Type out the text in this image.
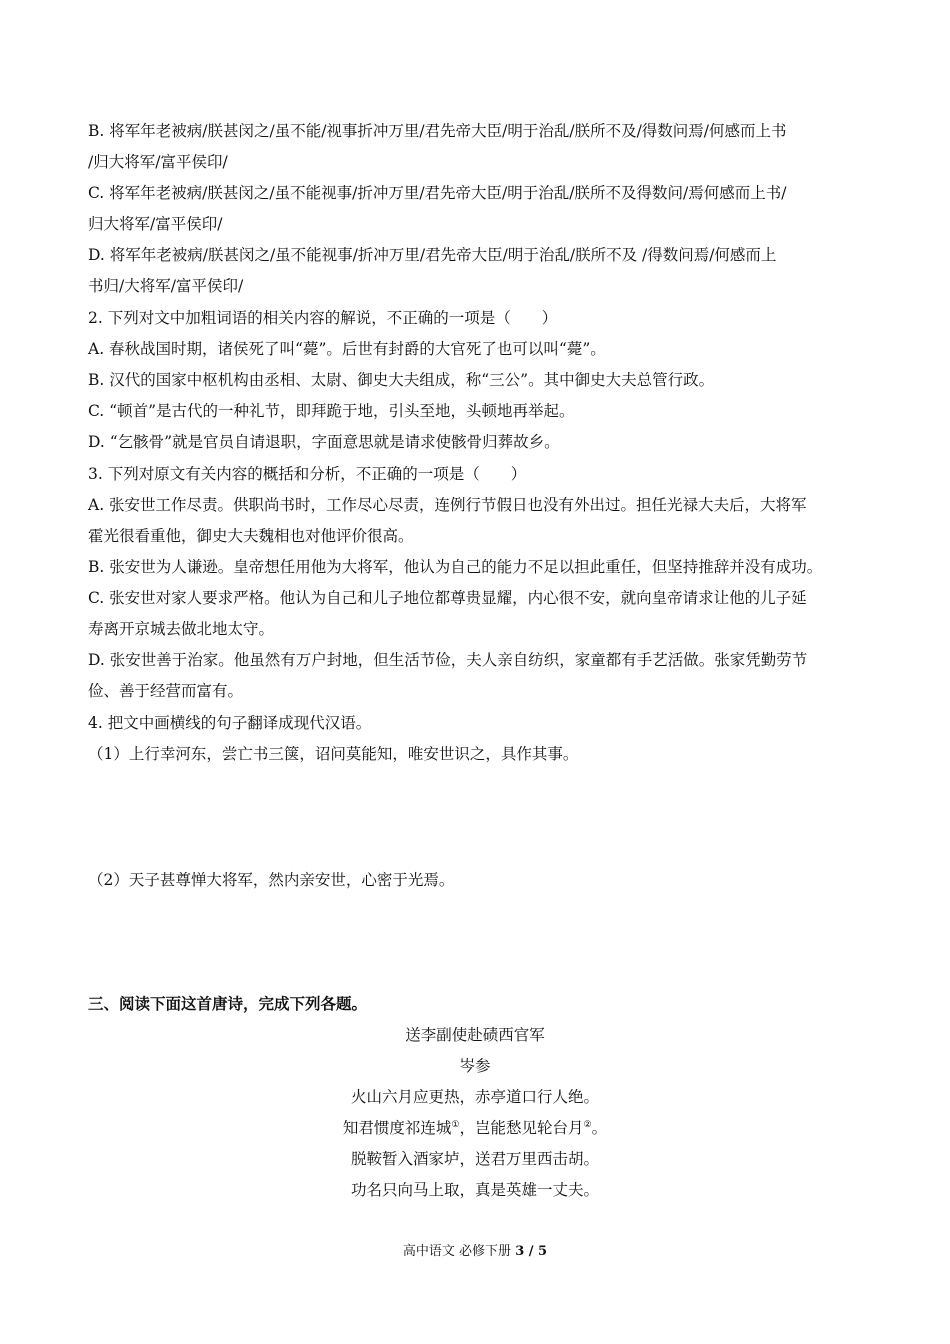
B. 将军年老被病/朕甚闵之/虽不能/视事折冲万里/君先帝大臣/明于治乱/朕所不及/得数问焉/何感而上书
/归大将军/富平侯印/
C. 将军年老被病/朕甚闵之/虽不能视事/折冲万里/君先帝大臣/明于治乱/朕所不及得数问/焉何感而上书/
归大将军/富平侯印/
D. 将军年老被病/朕甚闵之/虽不能视事/折冲万里/君先帝大臣/明于治乱/朕所不及 /得数问焉/何感而上
书归/大将军/富平侯印/
2. 下列对文中加粗词语的相关内容的解说，不正确的一项是（　　）
A. 春秋战国时期，诸侯死了叫“薨”。后世有封爵的大官死了也可以叫“薨”。
B. 汉代的国家中枢机构由丞相、太尉、御史大夫组成，称“三公”。其中御史大夫总管行政。
C. “顿首”是古代的一种礼节，即拜跪于地，引头至地，头顿地再举起。
D. “乞骸骨”就是官员自请退职，字面意思就是请求使骸骨归葬故乡。
3. 下列对原文有关内容的概括和分析，不正确的一项是（　　）
A. 张安世工作尽责。供职尚书时，工作尽心尽责，连例行节假日也没有外出过。担任光禄大夫后，大将军
霍光很看重他，御史大夫魏相也对他评价很高。
B. 张安世为人谦逊。皇帝想任用他为大将军，他认为自己的能力不足以担此重任，但坚持推辞并没有成功。
C. 张安世对家人要求严格。他认为自己和儿子地位都尊贵显耀，内心很不安，就向皇帝请求让他的儿子延
寿离开京城去做北地太守。
D. 张安世善于治家。他虽然有万户封地，但生活节俭，夫人亲自纺织，家童都有手艺活做。张家凭勤劳节
俭、善于经营而富有。
4. 把文中画横线的句子翻译成现代汉语。
（1）上行幸河东，尝亡书三箧，诏问莫能知，唯安世识之，具作其事。
（2）天子甚尊惮大将军，然内亲安世，心密于光焉。
三、阅读下面这首唐诗，完成下列各题。
送李副使赴碛西官军
岑参
火山六月应更热，赤亭道口行人绝。
知君惯度祁连城①，岂能愁见轮台月②。
脱鞍暂入酒家垆，送君万里西击胡。
功名只向马上取，真是英雄一丈夫。
高中语文 必修下册 3 / 5
